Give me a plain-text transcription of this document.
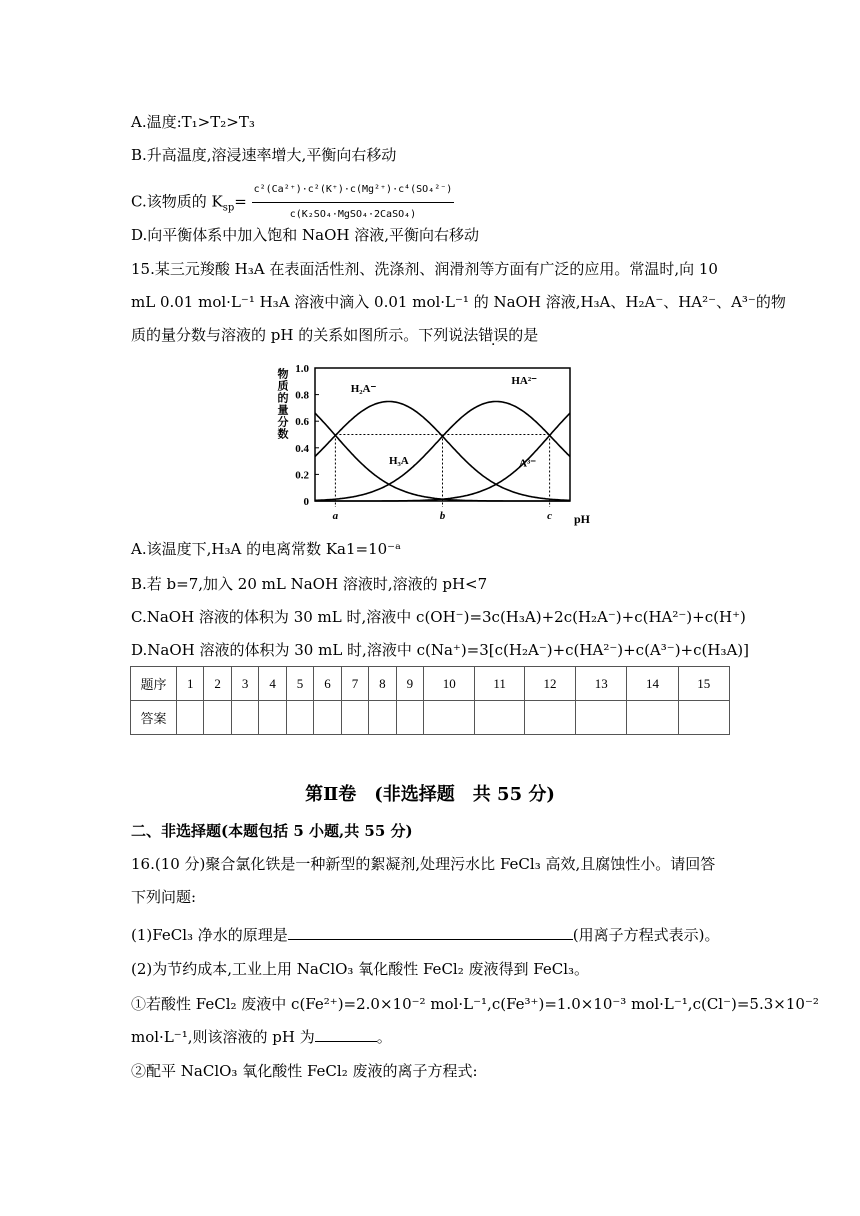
A.温度:T₁>T₂>T₃
B.升高温度,溶浸速率增大,平衡向右移动
C.该物质的 $K_{sp}= \frac{\text{c²(Ca²⁺)·c²(K⁺)·c(Mg²⁺)·c⁴(SO₄²⁻)}}{\text{c(K₂SO₄·MgSO₄·2CaSO₄)}}$
D.向平衡体系中加入饱和 NaOH 溶液,平衡向右移动
15.某三元羧酸 H₃A 在表面活性剂、洗涤剂、润滑剂等方面有广泛的应用。常温时,向 10
mL 0.01 mol·L⁻¹ H₃A 溶液中滴入 0.01 mol·L⁻¹ 的 NaOH 溶液,H₃A、H₂A⁻、HA²⁻、A³⁻的物
质的量分数与溶液的 pH 的关系如图所示。下列说法错误的是
物质的量分数
0
0.2
0.4
0.6
0.8
1.0
a	b	c pH
H₃A
H₂A⁻
HA²⁻
A³⁻
A.该温度下,H₃A 的电离常数 Ka1=10⁻ᵃ
B.若 b=7,加入 20 mL NaOH 溶液时,溶液的 pH<7
C.NaOH 溶液的体积为 30 mL 时,溶液中 c(OH⁻)=3c(H₃A)+2c(H₂A⁻)+c(HA²⁻)+c(H⁺)
D.NaOH 溶液的体积为 30 mL 时,溶液中 c(Na⁺)=3[c(H₂A⁻)+c(HA²⁻)+c(A³⁻)+c(H₃A)]
题序	1	2	3	4	5	6	7	8	9	10	11	12	13	14	15
答案															
第Ⅱ卷　(非选择题　共 55 分)
二、非选择题(本题包括 5 小题,共 55 分)
16.(10 分)聚合氯化铁是一种新型的絮凝剂,处理污水比 FeCl₃ 高效,且腐蚀性小。请回答
下列问题:
(1)FeCl₃ 净水的原理是	(用离子方程式表示)。
(2)为节约成本,工业上用 NaClO₃ 氧化酸性 FeCl₂ 废液得到 FeCl₃。
①若酸性 FeCl₂ 废液中 c(Fe²⁺)=2.0×10⁻² mol·L⁻¹,c(Fe³⁺)=1.0×10⁻³ mol·L⁻¹,c(Cl⁻)=5.3×10⁻²
mol·L⁻¹,则该溶液的 pH 为	。
②配平 NaClO₃ 氧化酸性 FeCl₂ 废液的离子方程式:
